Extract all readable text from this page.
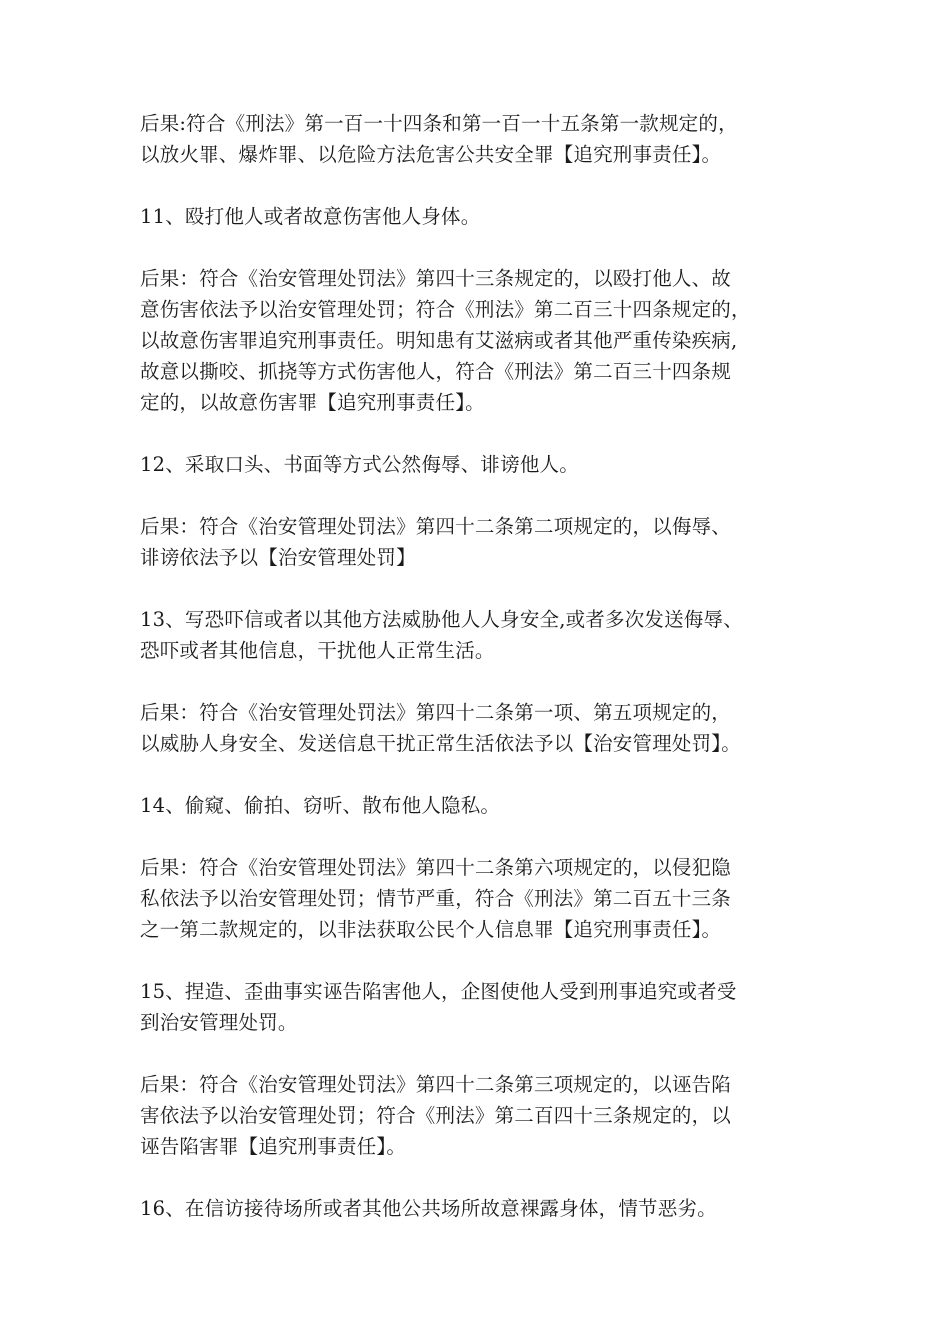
后果:符合《刑法》第一百一十四条和第一百一十五条第一款规定的，
以放火罪、爆炸罪、以危险方法危害公共安全罪【追究刑事责任】。

11、殴打他人或者故意伤害他人身体。

后果：符合《治安管理处罚法》第四十三条规定的，以殴打他人、故
意伤害依法予以治安管理处罚；符合《刑法》第二百三十四条规定的，
以故意伤害罪追究刑事责任。明知患有艾滋病或者其他严重传染疾病,
故意以撕咬、抓挠等方式伤害他人，符合《刑法》第二百三十四条规
定的，以故意伤害罪【追究刑事责任】。

12、采取口头、书面等方式公然侮辱、诽谤他人。

后果：符合《治安管理处罚法》第四十二条第二项规定的，以侮辱、
诽谤依法予以【治安管理处罚】

13、写恐吓信或者以其他方法威胁他人人身安全,或者多次发送侮辱、
恐吓或者其他信息，干扰他人正常生活。

后果：符合《治安管理处罚法》第四十二条第一项、第五项规定的，
以威胁人身安全、发送信息干扰正常生活依法予以【治安管理处罚】。

14、偷窥、偷拍、窃听、散布他人隐私。

后果：符合《治安管理处罚法》第四十二条第六项规定的，以侵犯隐
私依法予以治安管理处罚；情节严重，符合《刑法》第二百五十三条
之一第二款规定的，以非法获取公民个人信息罪【追究刑事责任】。

15、捏造、歪曲事实诬告陷害他人，企图使他人受到刑事追究或者受
到治安管理处罚。

后果：符合《治安管理处罚法》第四十二条第三项规定的，以诬告陷
害依法予以治安管理处罚；符合《刑法》第二百四十三条规定的，以
诬告陷害罪【追究刑事责任】。

16、在信访接待场所或者其他公共场所故意裸露身体，情节恶劣。
